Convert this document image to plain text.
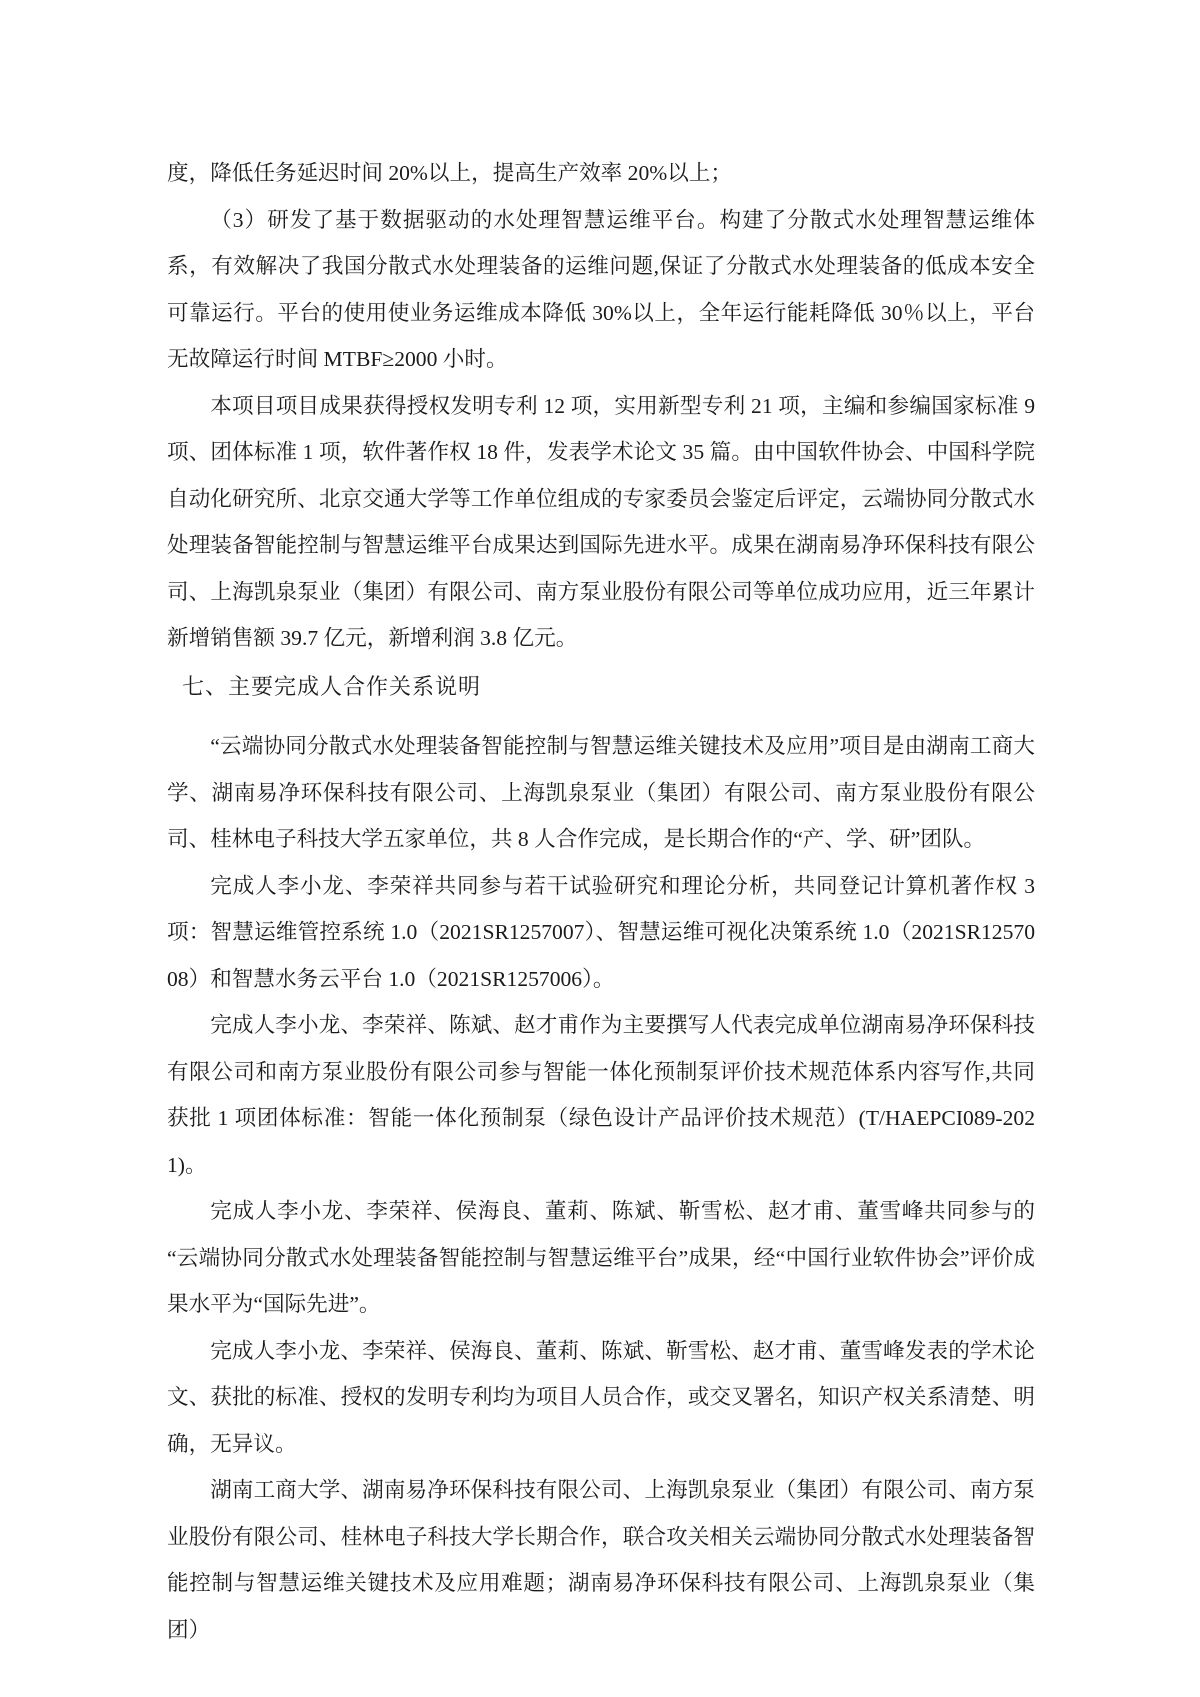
度，降低任务延迟时间 20%以上，提高生产效率 20%以上；

（3）研发了基于数据驱动的水处理智慧运维平台。构建了分散式水处理智慧运维体系，有效解决了我国分散式水处理装备的运维问题,保证了分散式水处理装备的低成本安全可靠运行。平台的使用使业务运维成本降低 30%以上，全年运行能耗降低 30％以上，平台无故障运行时间 MTBF≥2000 小时。

本项目项目成果获得授权发明专利 12 项，实用新型专利 21 项，主编和参编国家标准 9 项、团体标准 1 项，软件著作权 18 件，发表学术论文 35 篇。由中国软件协会、中国科学院自动化研究所、北京交通大学等工作单位组成的专家委员会鉴定后评定，云端协同分散式水处理装备智能控制与智慧运维平台成果达到国际先进水平。成果在湖南易净环保科技有限公司、上海凯泉泵业（集团）有限公司、南方泵业股份有限公司等单位成功应用，近三年累计新增销售额 39.7 亿元，新增利润 3.8 亿元。

七、主要完成人合作关系说明

“云端协同分散式水处理装备智能控制与智慧运维关键技术及应用”项目是由湖南工商大学、湖南易净环保科技有限公司、上海凯泉泵业（集团）有限公司、南方泵业股份有限公司、桂林电子科技大学五家单位，共 8 人合作完成，是长期合作的“产、学、研”团队。

完成人李小龙、李荣祥共同参与若干试验研究和理论分析，共同登记计算机著作权 3 项：智慧运维管控系统 1.0（2021SR1257007）、智慧运维可视化决策系统 1.0（2021SR1257008）和智慧水务云平台 1.0（2021SR1257006）。

完成人李小龙、李荣祥、陈斌、赵才甫作为主要撰写人代表完成单位湖南易净环保科技有限公司和南方泵业股份有限公司参与智能一体化预制泵评价技术规范体系内容写作,共同获批 1 项团体标准：智能一体化预制泵（绿色设计产品评价技术规范）(T/HAEPCI089-2021)。

完成人李小龙、李荣祥、侯海良、董莉、陈斌、靳雪松、赵才甫、董雪峰共同参与的“云端协同分散式水处理装备智能控制与智慧运维平台”成果，经“中国行业软件协会”评价成果水平为“国际先进”。

完成人李小龙、李荣祥、侯海良、董莉、陈斌、靳雪松、赵才甫、董雪峰发表的学术论文、获批的标准、授权的发明专利均为项目人员合作，或交叉署名，知识产权关系清楚、明确，无异议。

湖南工商大学、湖南易净环保科技有限公司、上海凯泉泵业（集团）有限公司、南方泵业股份有限公司、桂林电子科技大学长期合作，联合攻关相关云端协同分散式水处理装备智能控制与智慧运维关键技术及应用难题；湖南易净环保科技有限公司、上海凯泉泵业（集团）
